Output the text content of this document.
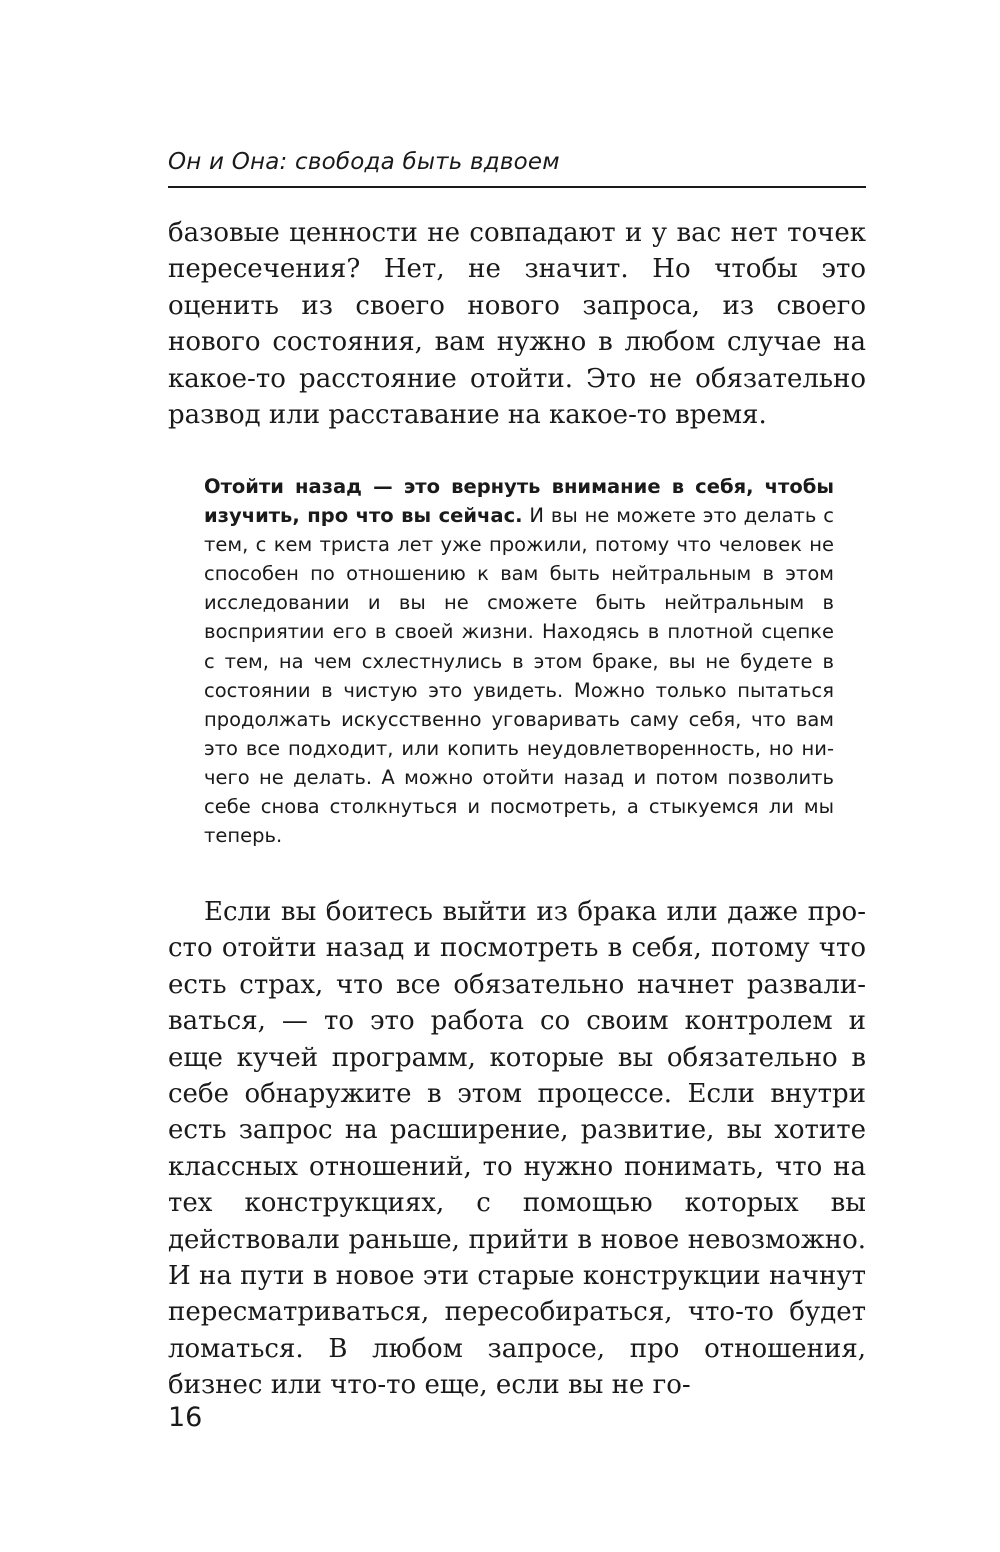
Он и Она: свобода быть вдвоем

базовые ценности не совпадают и у вас нет точек пересечения? Нет, не значит. Но чтобы это оценить из своего нового запроса, из своего нового состояния, вам нужно в любом случае на какое-то расстояние отойти. Это не обязательно развод или расставание на какое-то время.

Отойти назад — это вернуть внимание в себя, чтобы изучить, про что вы сейчас. И вы не можете это делать с тем, с кем триста лет уже прожили, потому что человек не способен по отношению к вам быть нейтральным в этом исследовании и вы не сможете быть нейтральным в восприятии его в своей жизни. Находясь в плотной сцепке с тем, на чем схлестнулись в этом браке, вы не будете в состоянии в чистую это увидеть. Можно только пытаться продолжать искусственно уговаривать саму себя, что вам это все подходит, или копить неудовлетворенность, но ничего не делать. А можно отойти назад и потом позволить себе снова столкнуться и посмотреть, а стыкуемся ли мы теперь.

Если вы боитесь выйти из брака или даже просто отойти назад и посмотреть в себя, потому что есть страх, что все обязательно начнет разваливаться, — то это работа со своим контролем и еще кучей программ, которые вы обязательно в себе обнаружите в этом процессе. Если внутри есть запрос на расширение, развитие, вы хотите классных отношений, то нужно понимать, что на тех конструкциях, с помощью которых вы действовали раньше, прийти в новое невозможно. И на пути в новое эти старые конструкции начнут пересматриваться, пересобираться, что-то будет ломаться. В любом запросе, про отношения, бизнес или что-то еще, если вы не го-

16
